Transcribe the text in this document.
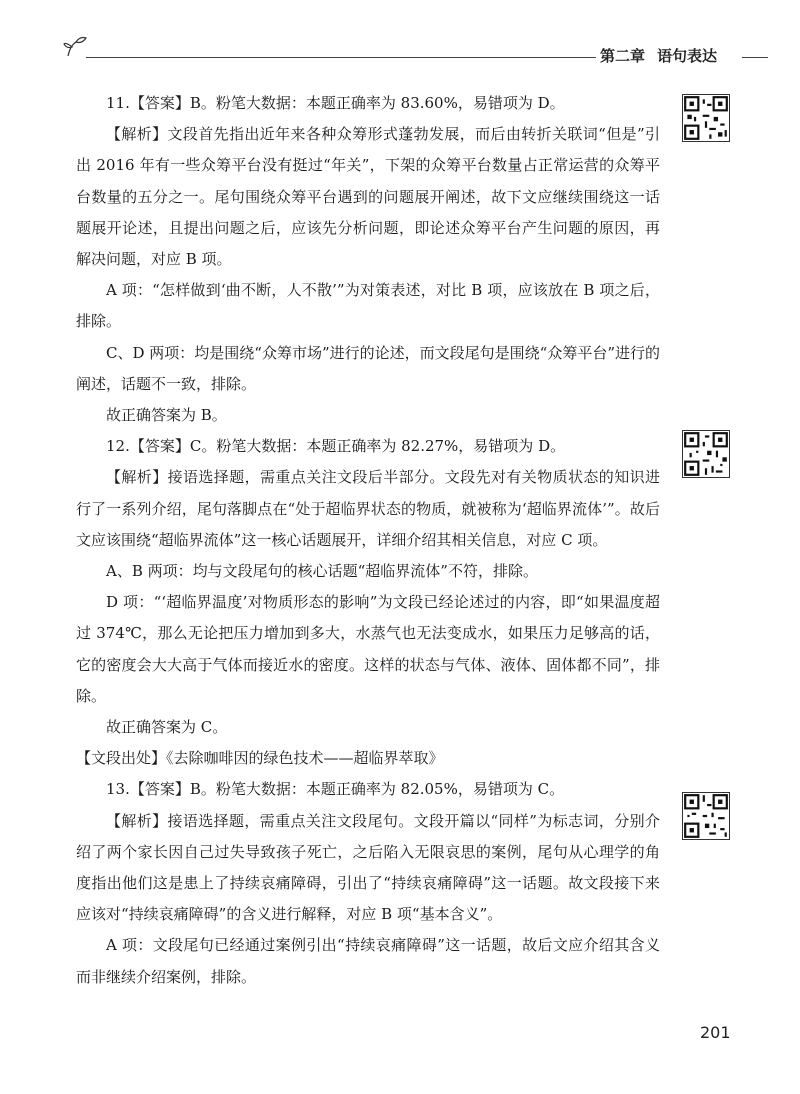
第二章 语句表达

11.【答案】B。粉笔大数据：本题正确率为 83.60%，易错项为 D。

【解析】文段首先指出近年来各种众筹形式蓬勃发展，而后由转折关联词“但是”引出 2016 年有一些众筹平台没有挺过“年关”，下架的众筹平台数量占正常运营的众筹平台数量的五分之一。尾句围绕众筹平台遇到的问题展开阐述，故下文应继续围绕这一话题展开论述，且提出问题之后，应该先分析问题，即论述众筹平台产生问题的原因，再解决问题，对应 B 项。

A 项：“怎样做到‘曲不断，人不散’”为对策表述，对比 B 项，应该放在 B 项之后，排除。

C、D 两项：均是围绕“众筹市场”进行的论述，而文段尾句是围绕“众筹平台”进行的阐述，话题不一致，排除。

故正确答案为 B。

12.【答案】C。粉笔大数据：本题正确率为 82.27%，易错项为 D。

【解析】接语选择题，需重点关注文段后半部分。文段先对有关物质状态的知识进行了一系列介绍，尾句落脚点在“处于超临界状态的物质，就被称为‘超临界流体’”。故后文应该围绕“超临界流体”这一核心话题展开，详细介绍其相关信息，对应 C 项。

A、B 两项：均与文段尾句的核心话题“超临界流体”不符，排除。

D 项：“‘超临界温度’对物质形态的影响”为文段已经论述过的内容，即“如果温度超过 374℃，那么无论把压力增加到多大，水蒸气也无法变成水，如果压力足够高的话，它的密度会大大高于气体而接近水的密度。这样的状态与气体、液体、固体都不同”，排除。

故正确答案为 C。

【文段出处】《去除咖啡因的绿色技术——超临界萃取》

13.【答案】B。粉笔大数据：本题正确率为 82.05%，易错项为 C。

【解析】接语选择题，需重点关注文段尾句。文段开篇以“同样”为标志词，分别介绍了两个家长因自己过失导致孩子死亡，之后陷入无限哀思的案例，尾句从心理学的角度指出他们这是患上了持续哀痛障碍，引出了“持续哀痛障碍”这一话题。故文段接下来应该对“持续哀痛障碍”的含义进行解释，对应 B 项“基本含义”。

A 项：文段尾句已经通过案例引出“持续哀痛障碍”这一话题，故后文应介绍其含义而非继续介绍案例，排除。

201
